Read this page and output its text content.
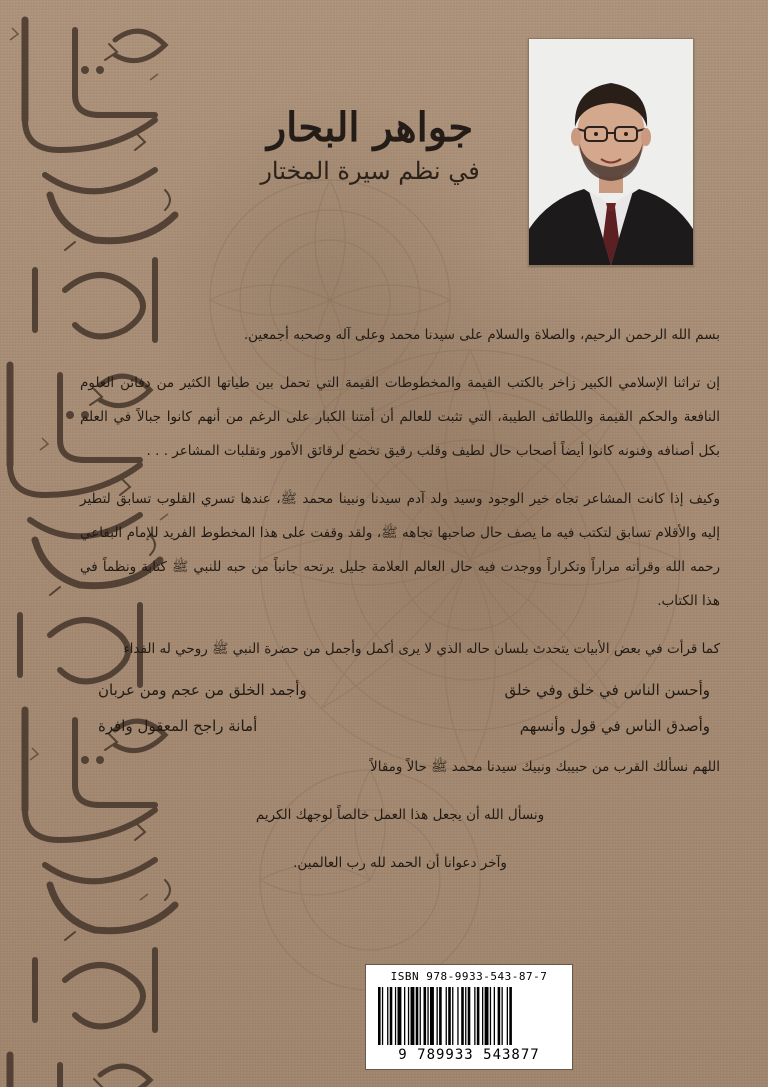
جواهر البحار
في نظم سيرة المختار

بسم الله الرحمن الرحيم، والصلاة والسلام على سيدنا محمد وعلى آله وصحبه أجمعين.

إن تراثنا الإسلامي الكبير زاخر بالكتب القيمة والمخطوطات القيمة التي تحمل بين طياتها الكثير من دفائن العلوم النافعة والحكم القيمة واللطائف الطيبة، التي تثبت للعالم أن أمتنا الكبار على الرغم من أنهم كانوا جبالاً في العلم بكل أصنافه وفنونه كانوا أيضاً أصحاب حال لطيف وقلب رقيق تخضع لرقائق الأمور وتقلبات المشاعر . . .

وكيف إذا كانت المشاعر تجاه خير الوجود وسيد ولد آدم سيدنا ونبينا محمد ﷺ، عندها تسري القلوب تسابق لتطير إليه والأقلام تسابق لتكتب فيه ما يصف حال صاحبها تجاهه ﷺ، ولقد وقفت على هذا المخطوط الفريد للإمام البقاعي رحمه الله وقرأته مراراً وتكراراً ووجدت فيه حال العالم العلامة جليل يرتحه جانباً من حبه للنبي ﷺ كتابة ونظماً في هذا الكتاب.

كما قرأت في بعض الأبيات يتحدث بلسان حاله الذي لا يرى أكمل وأجمل من حضرة النبي ﷺ روحي له الفداء

وأحسن الناس في خلق وفي خلق
وأجمد الخلق من عجم ومن عربان
وأصدق الناس في قول وأنسهم
أمانة راجح المعقول وافرة

اللهم نسألك القرب من حبيبك ونبيك سيدنا محمد ﷺ حالاً ومقالاً

ونسأل الله أن يجعل هذا العمل خالصاً لوجهك الكريم

وآخر دعوانا أن الحمد لله رب العالمين.

ISBN 978-9933-543-87-7
9 789933 543877
